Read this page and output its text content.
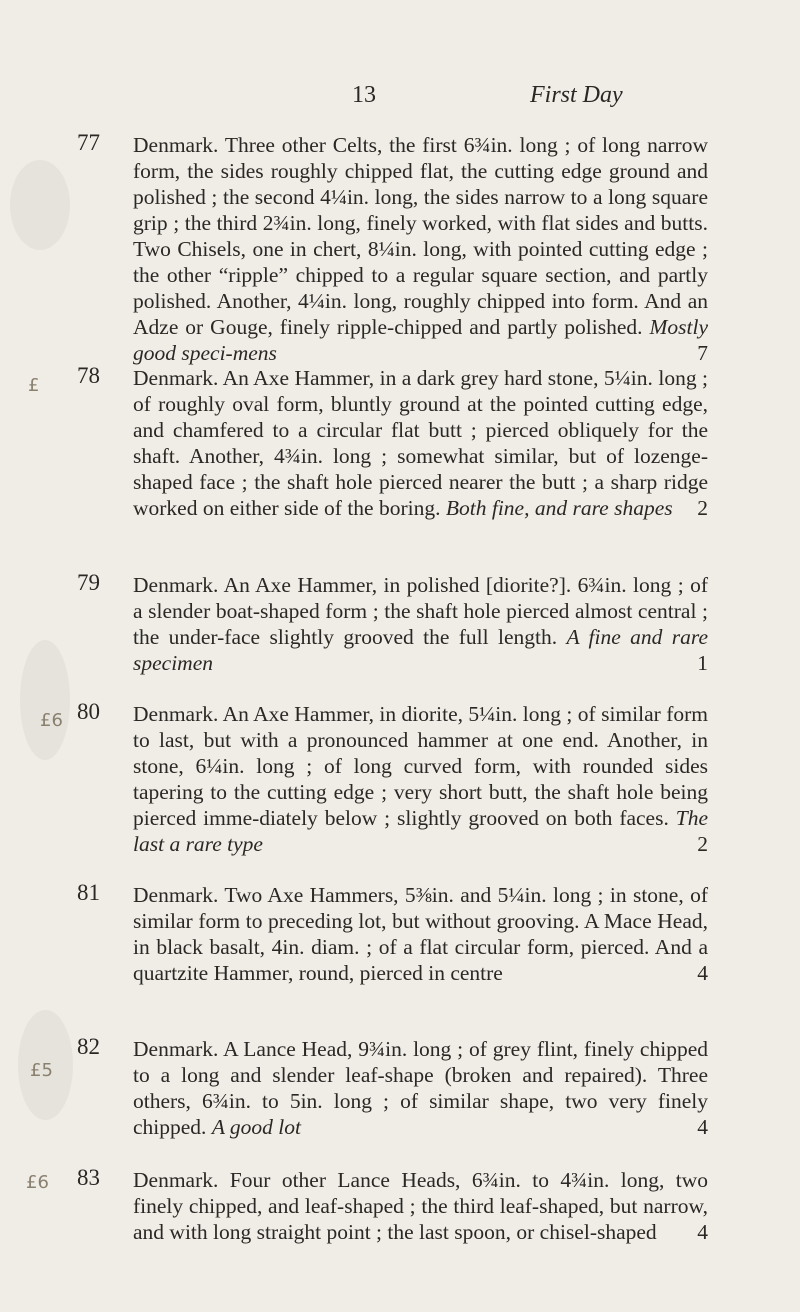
13	First Day
77	Denmark. Three other Celts, the first 6¾in. long ; of long narrow form, the sides roughly chipped flat, the cutting edge ground and polished ; the second 4¼in. long, the sides narrow to a long square grip ; the third 2¾in. long, finely worked, with flat sides and butts. Two Chisels, one in chert, 8¼in. long, with pointed cutting edge ; the other “ripple” chipped to a regular square section, and partly polished. Another, 4¼in. long, roughly chipped into form. And an Adze or Gouge, finely ripple-chipped and partly polished. Mostly good speci-mens	7
78	Denmark. An Axe Hammer, in a dark grey hard stone, 5¼in. long ; of roughly oval form, bluntly ground at the pointed cutting edge, and chamfered to a circular flat butt ; pierced obliquely for the shaft. Another, 4¾in. long ; somewhat similar, but of lozenge-shaped face ; the shaft hole pierced nearer the butt ; a sharp ridge worked on either side of the boring. Both fine, and rare shapes 2
79	Denmark. An Axe Hammer, in polished [diorite?]. 6¾in. long ; of a slender boat-shaped form ; the shaft hole pierced almost central ; the under-face slightly grooved the full length. A fine and rare specimen	1
80	Denmark. An Axe Hammer, in diorite, 5¼in. long ; of similar form to last, but with a pronounced hammer at one end. Another, in stone, 6¼in. long ; of long curved form, with rounded sides tapering to the cutting edge ; very short butt, the shaft hole being pierced imme-diately below ; slightly grooved on both faces. The last a rare type	2
81	Denmark. Two Axe Hammers, 5⅜in. and 5¼in. long ; in stone, of similar form to preceding lot, but without grooving. A Mace Head, in black basalt, 4in. diam. ; of a flat circular form, pierced. And a quartzite Hammer, round, pierced in centre	4
82	Denmark. A Lance Head, 9¾in. long ; of grey flint, finely chipped to a long and slender leaf-shape (broken and repaired). Three others, 6¾in. to 5in. long ; of similar shape, two very finely chipped. A good lot	4
83	Denmark. Four other Lance Heads, 6¾in. to 4¾in. long, two finely chipped, and leaf-shaped ; the third leaf-shaped, but narrow, and with long straight point ; the last spoon, or chisel-shaped 4
£
£6
£5
£6
